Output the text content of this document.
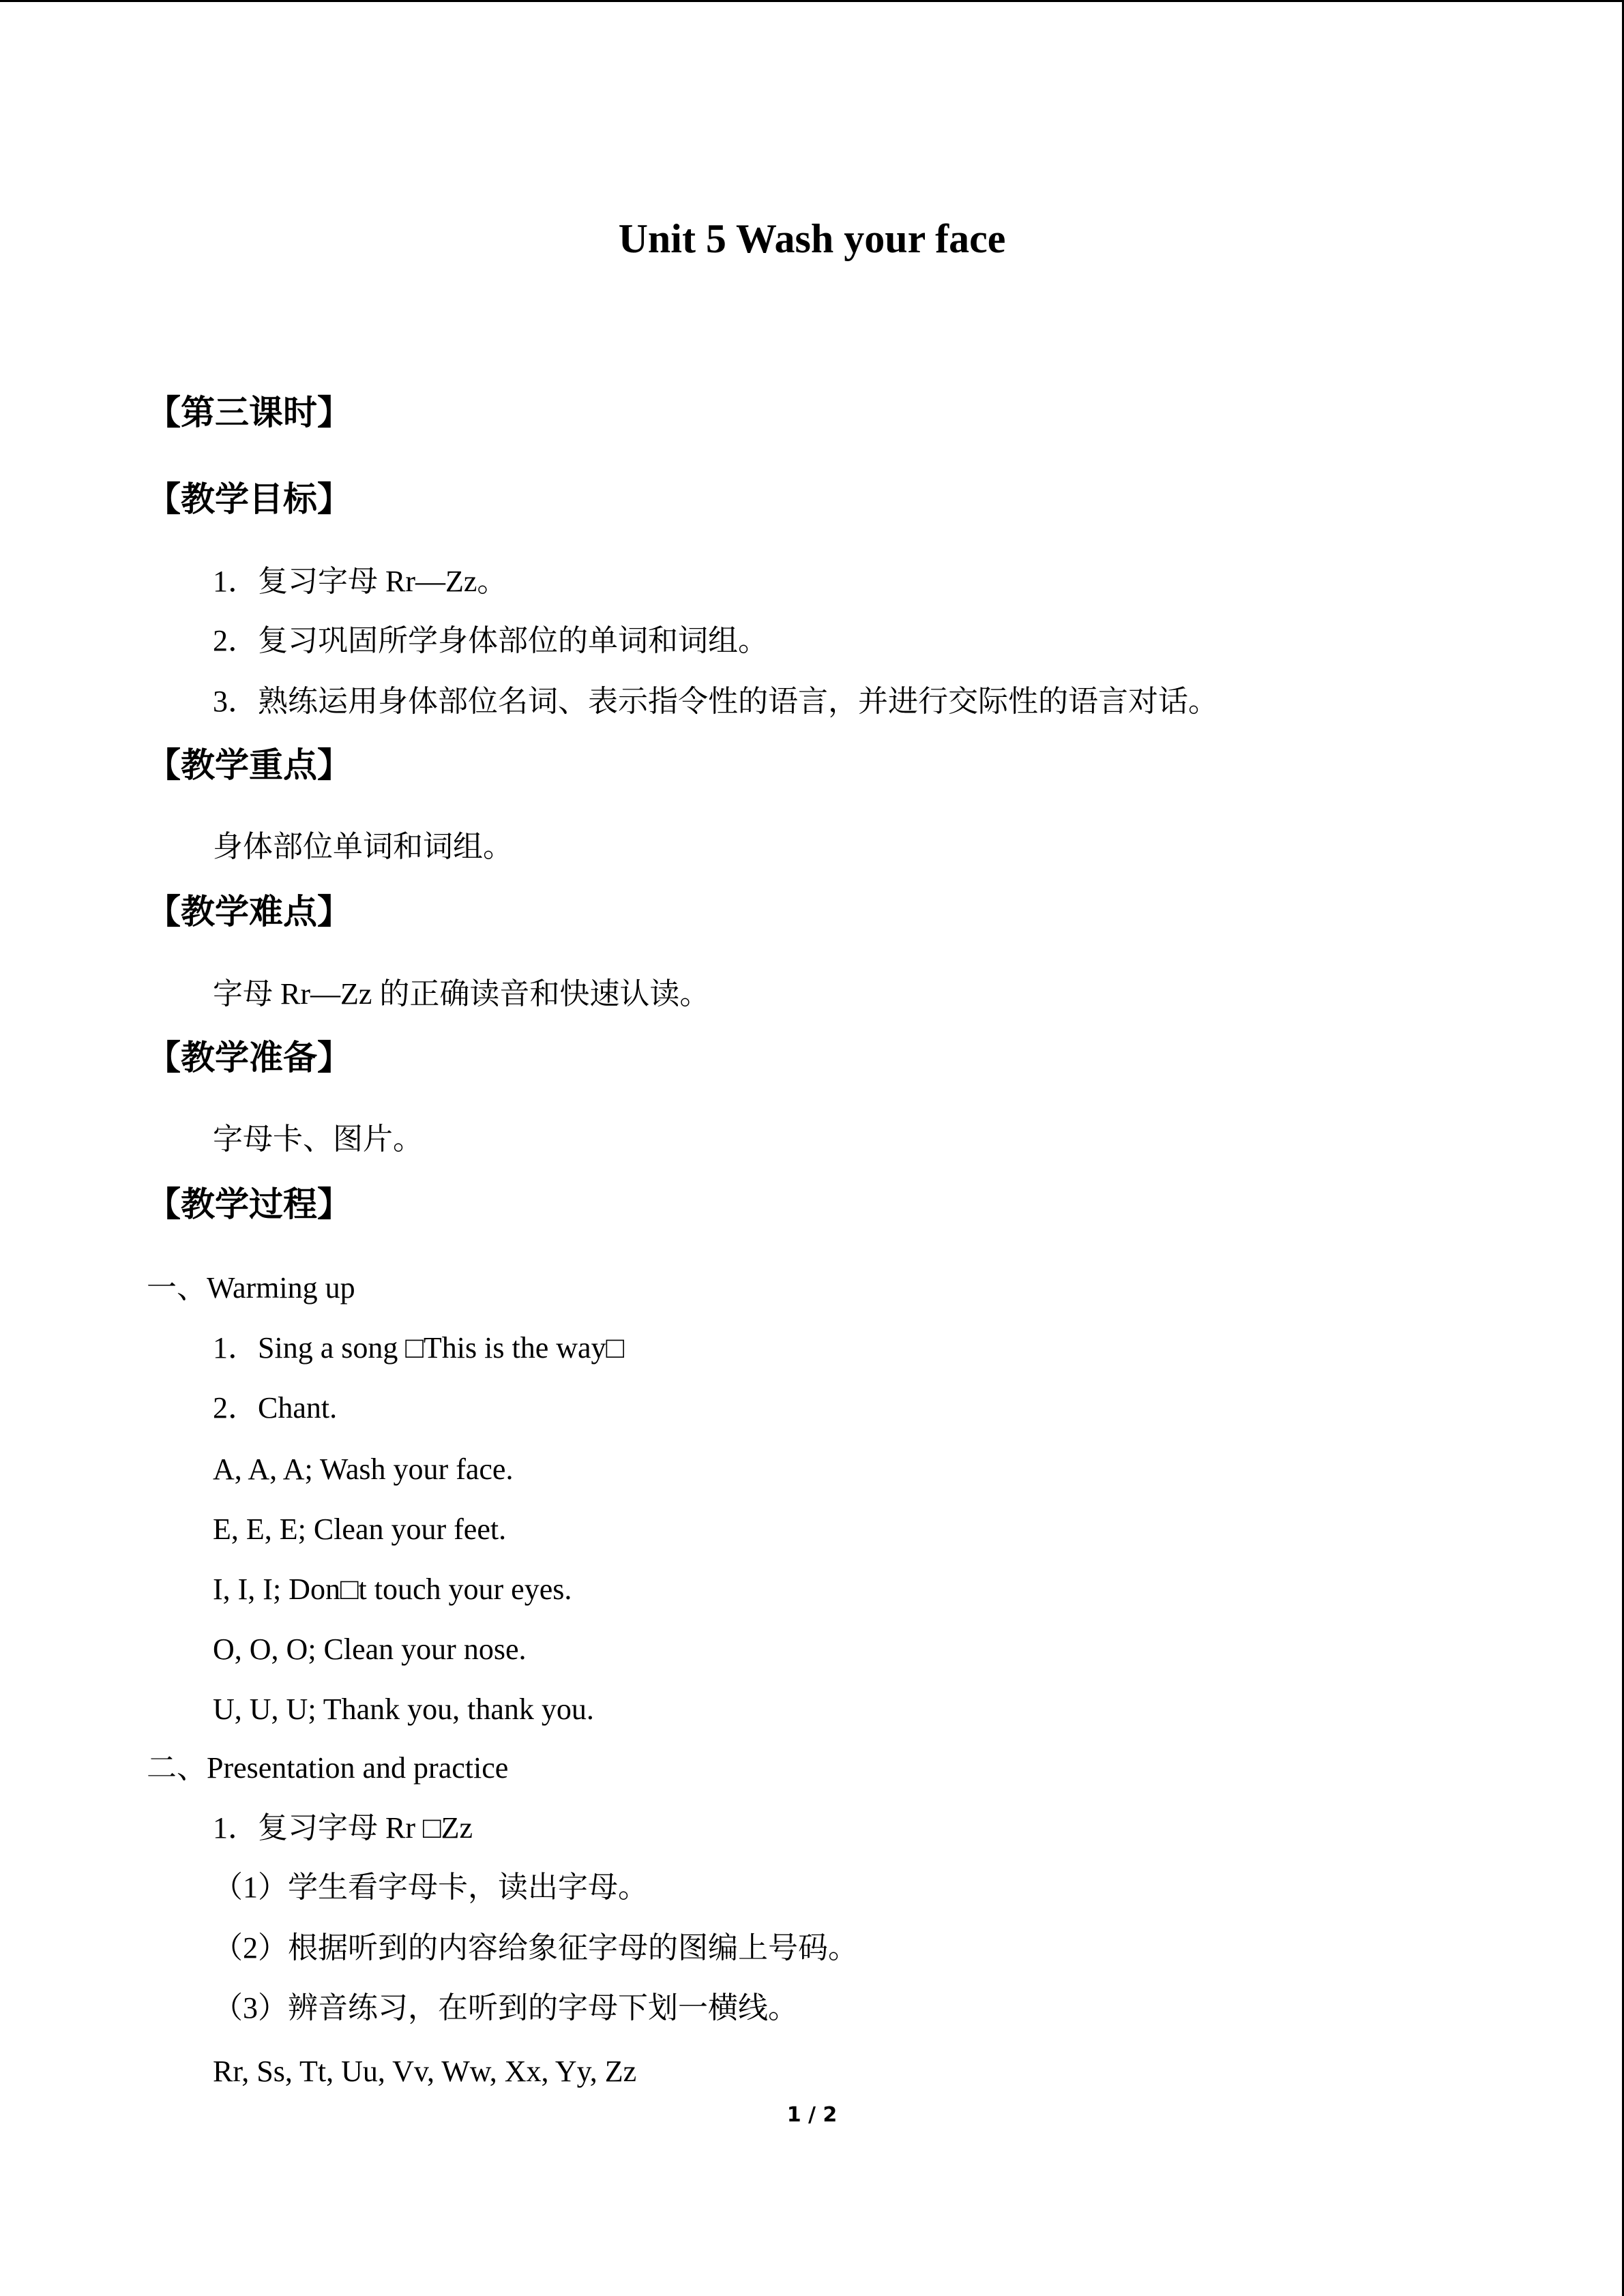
Unit 5 Wash your face
【第三课时】
【教学目标】
1．复习字母 Rr—Zz。
2．复习巩固所学身体部位的单词和词组。
3．熟练运用身体部位名词、表示指令性的语言，并进行交际性的语言对话。
【教学重点】
身体部位单词和词组。
【教学难点】
字母 Rr—Zz 的正确读音和快速认读。
【教学准备】
字母卡、图片。
【教学过程】
一、Warming up
1．Sing a song □This is the way□
2．Chant.
A, A, A; Wash your face.
E, E, E; Clean your feet.
I, I, I; Don□t touch your eyes.
O, O, O; Clean your nose.
U, U, U; Thank you, thank you.
二、Presentation and practice
1．复习字母 Rr □Zz
（1）学生看字母卡，读出字母。
（2）根据听到的内容给象征字母的图编上号码。
（3）辨音练习，在听到的字母下划一横线。
Rr, Ss, Tt, Uu, Vv, Ww, Xx, Yy, Zz
1 / 2
